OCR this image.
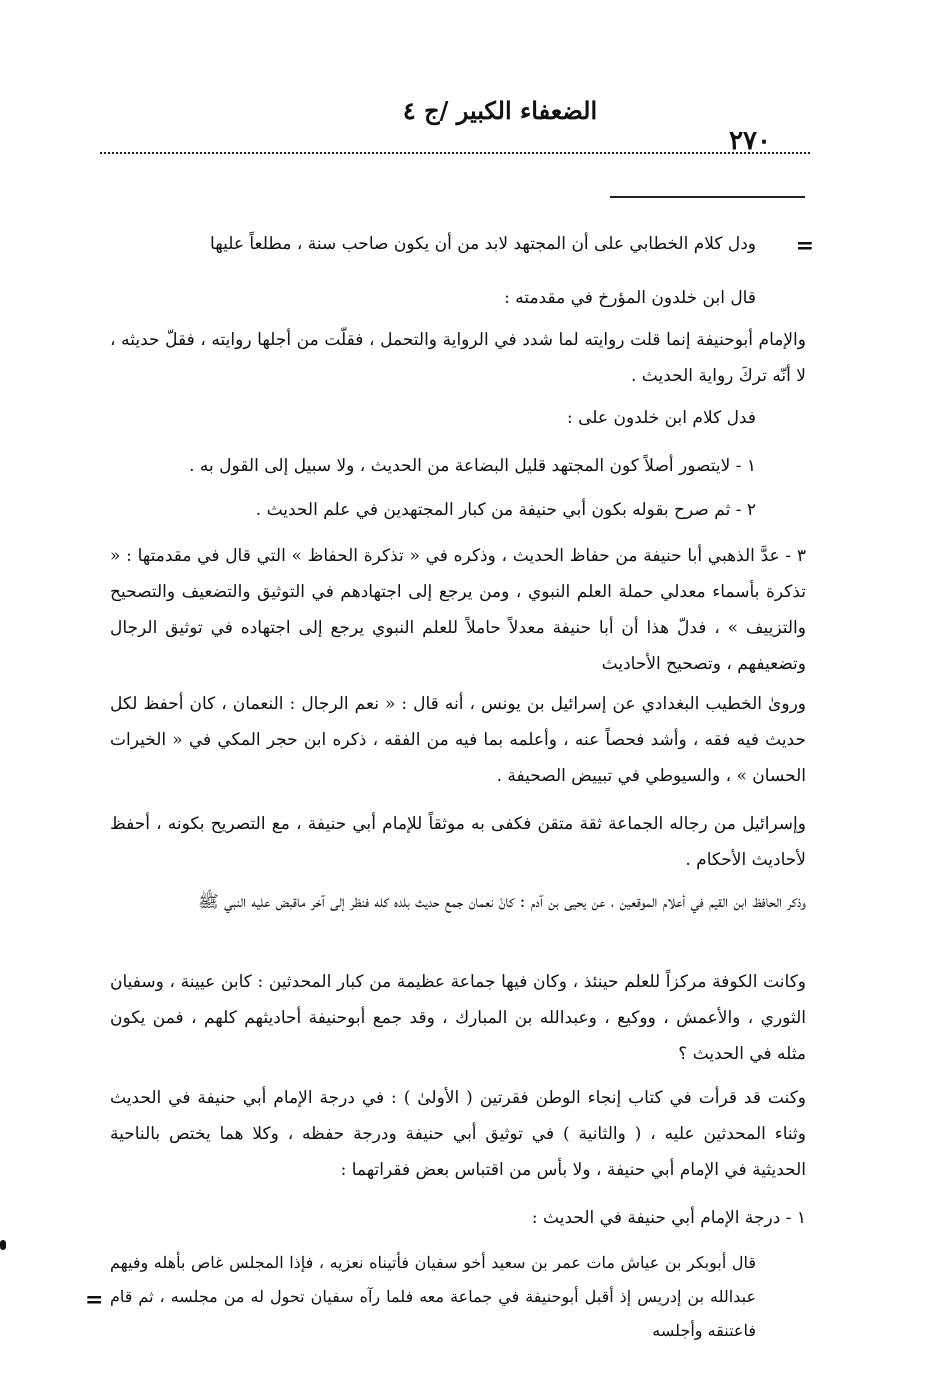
الضعفاء الكبير /ج ٤
٢٧٠
=

ودل كلام الخطابي على أن المجتهد لابد من أن يكون صاحب سنة ، مطلعاً عليها

قال ابن خلدون المؤرخ في مقدمته :

والإمام أبوحنيفة إنما قلت روايته لما شدد في الرواية والتحمل ، فقلّت من أجلها روايته ، فقلّ حديثه ، لا أنّه تركَ رواية الحديث .

فدل كلام ابن خلدون على :

١ - لايتصور أصلاً كون المجتهد قليل البضاعة من الحديث ، ولا سبيل إلى القول به .

٢ - ثم صرح بقوله بكون أبي حنيفة من كبار المجتهدين في علم الحديث .

٣ - عدَّ الذهبي أبا حنيفة من حفاظ الحديث ، وذكره في « تذكرة الحفاظ » التي قال في مقدمتها : « تذكرة بأسماء معدلي حملة العلم النبوي ، ومن يرجع إلى اجتهادهم في التوثيق والتضعيف والتصحيح والتزييف » ، فدلّ هذا أن أبا حنيفة معدلاً حاملاً للعلم النبوي يرجع إلى اجتهاده في توثيق الرجال وتضعيفهم ، وتصحيح الأحاديث

وروىٰ الخطيب البغدادي عن إسرائيل بن يونس ، أنه قال : « نعم الرجال : النعمان ، كان أحفظ لكل حديث فيه فقه ، وأشد فحصاً عنه ، وأعلمه بما فيه من الفقه ، ذكره ابن حجر المكي في « الخيرات الحسان » ، والسيوطي في تبييض الصحيفة .

وإسرائيل من رجاله الجماعة ثقة متقن فكفى به موثقاً للإمام أبي حنيفة ، مع التصريح بكونه ، أحفظ لأحاديث الأحكام .

وذكر الحافظ ابن القيم في أعلام الموقعين ، عن يحيى بن آدم : كانْ نعمان جمع حديث بلده كله فنظر إلى آخر ماقبض عليه النبي ﷺ

وكانت الكوفة مركزاً للعلم حينئذ ، وكان فيها جماعة عظيمة من كبار المحدثين : كابن عيينة ، وسفيان الثوري ، والأعمش ، ووكيع ، وعبدالله بن المبارك ، وقد جمع أبوحنيفة أحاديثهم كلهم ، فمن يكون مثله في الحديث ؟

وكنت قد قرأت في كتاب إنجاء الوطن فقرتين ( الأولىٰ ) : في درجة الإمام أبي حنيفة في الحديث وثناء المحدثين عليه ، ( والثانية ) في توثيق أبي حنيفة ودرجة حفظه ، وكلا هما يختص بالناحية الحديثية في الإمام أبي حنيفة ، ولا بأس من اقتباس بعض فقراتهما :

١ - درجة الإمام أبي حنيفة في الحديث :

قال أبوبكر بن عياش مات عمر بن سعيد أخو سفيان فأتيناه نعزيه ، فإذا المجلس غاص بأهله وفيهم عبدالله بن إدريس إذ أقبل أبوحنيفة في جماعة معه فلما رآه سفيان تحول له من مجلسه ، ثم قام فاعتنقه وأجلسه

=
